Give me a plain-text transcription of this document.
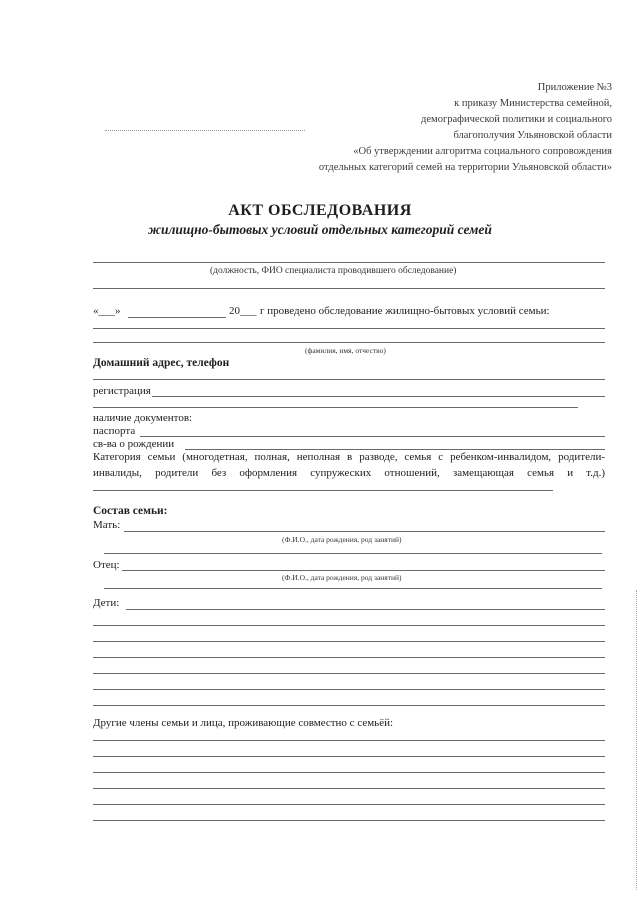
Приложение №3
к приказу Министерства семейной,
демографической политики и социального
благополучия Ульяновской области
«Об утверждении алгоритма социального сопровождения
отдельных категорий семей на территории Ульяновской области»
АКТ ОБСЛЕДОВАНИЯ
жилищно-бытовых условий отдельных категорий семей
(должность, ФИО специалиста проводившего обследование)
«___»	20___ г проведено обследование жилищно-бытовых условий семьи:
(фамилия, имя, отчество)
Домашний адрес, телефон
регистрация
наличие документов:
паспорта
св-ва о рождении
Категория семьи (многодетная, полная, неполная в разводе, семья с ребенком-инвалидом, родители-
инвалиды, родители без оформления супружеских отношений, замещающая семья и т.д.)
Состав семьи:
Мать:
(Ф.И.О., дата рождения, род занятий)
Отец:
(Ф.И.О., дата рождения, род занятий)
Дети:
Другие члены семьи и лица, проживающие совместно с семьёй:
